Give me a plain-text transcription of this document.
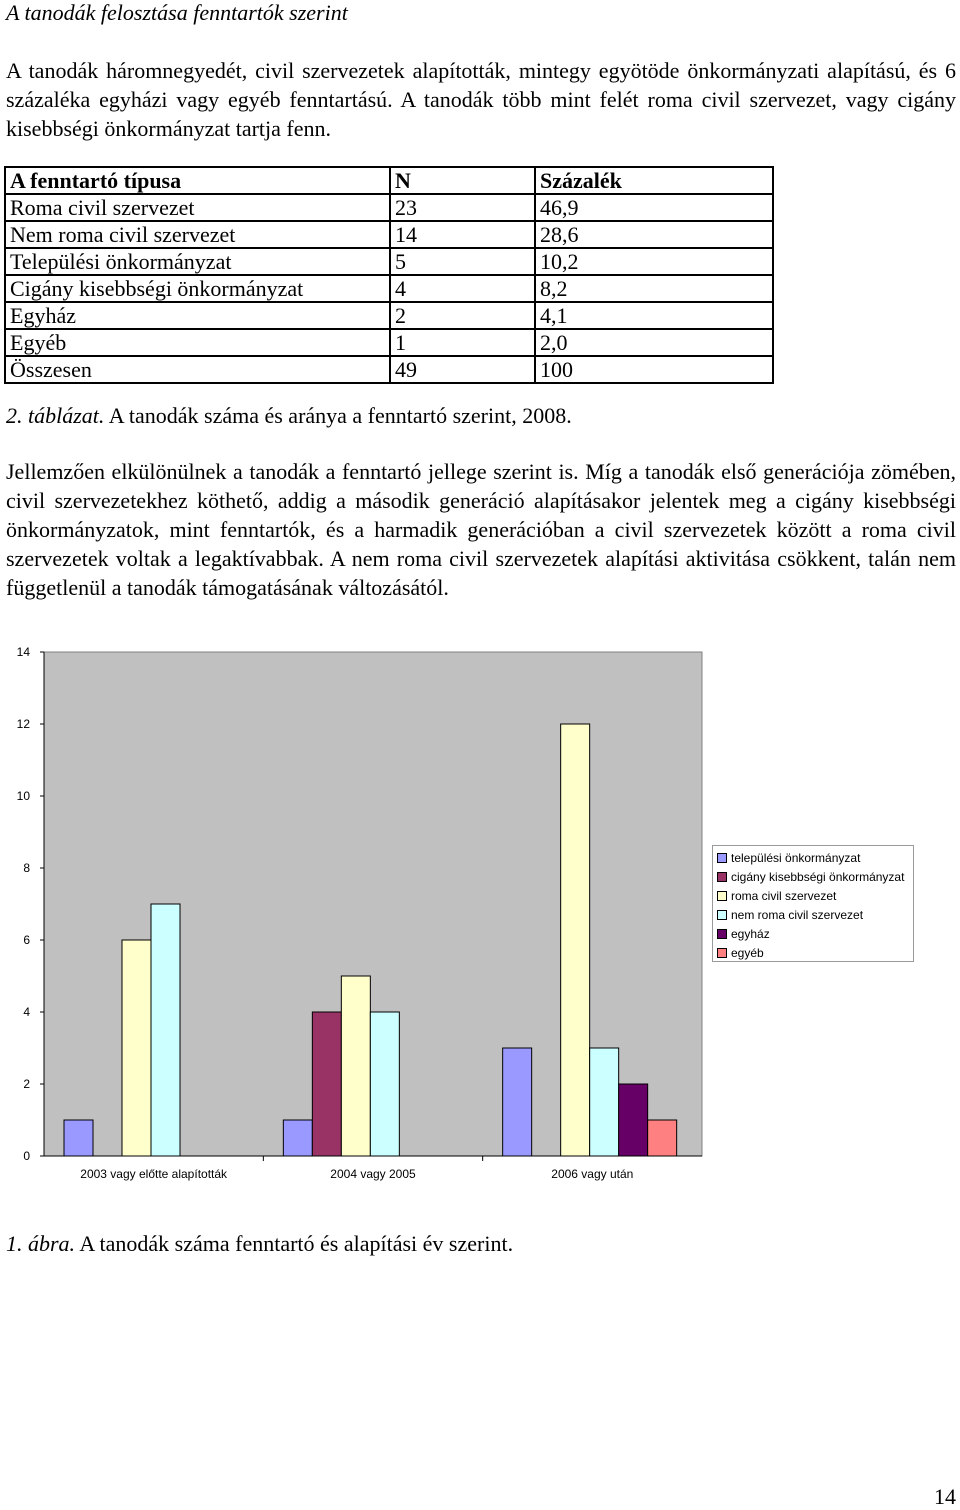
A tanodák felosztása fenntartók szerint
A tanodák háromnegyedét, civil szervezetek alapították, mintegy egyötöde önkormányzati alapítású, és 6 százaléka egyházi vagy egyéb fenntartású. A tanodák több mint felét roma civil szervezet, vagy cigány kisebbségi önkormányzat tartja fenn.
A fenntartó típusa	N	Százalék
Roma civil szervezet	23	46,9
Nem roma civil szervezet	14	28,6
Települési önkormányzat	5	10,2
Cigány kisebbségi önkormányzat	4	8,2
Egyház	2	4,1
Egyéb	1	2,0
Összesen	49	100
2. táblázat. A tanodák száma és aránya a fenntartó szerint, 2008.
Jellemzően elkülönülnek a tanodák a fenntartó jellege szerint is. Míg a tanodák első generációja zömében, civil szervezetekhez köthető, addig a második generáció alapításakor jelentek meg a cigány kisebbségi önkormányzatok, mint fenntartók, és a harmadik generációban a civil szervezetek között a roma civil szervezetek voltak a legaktívabbak. A nem roma civil szervezetek alapítási aktivitása csökkent, talán nem függetlenül a tanodák támogatásának változásától.
0
2
4
6
8
10
12
14
2003 vagy előtte alapították	2004 vagy 2005	2006 vagy után
települési önkormányzat
cigány kisebbségi önkormányzat
roma civil szervezet
nem roma civil szervezet
egyház
egyéb
1. ábra. A tanodák száma fenntartó és alapítási év szerint.
14
